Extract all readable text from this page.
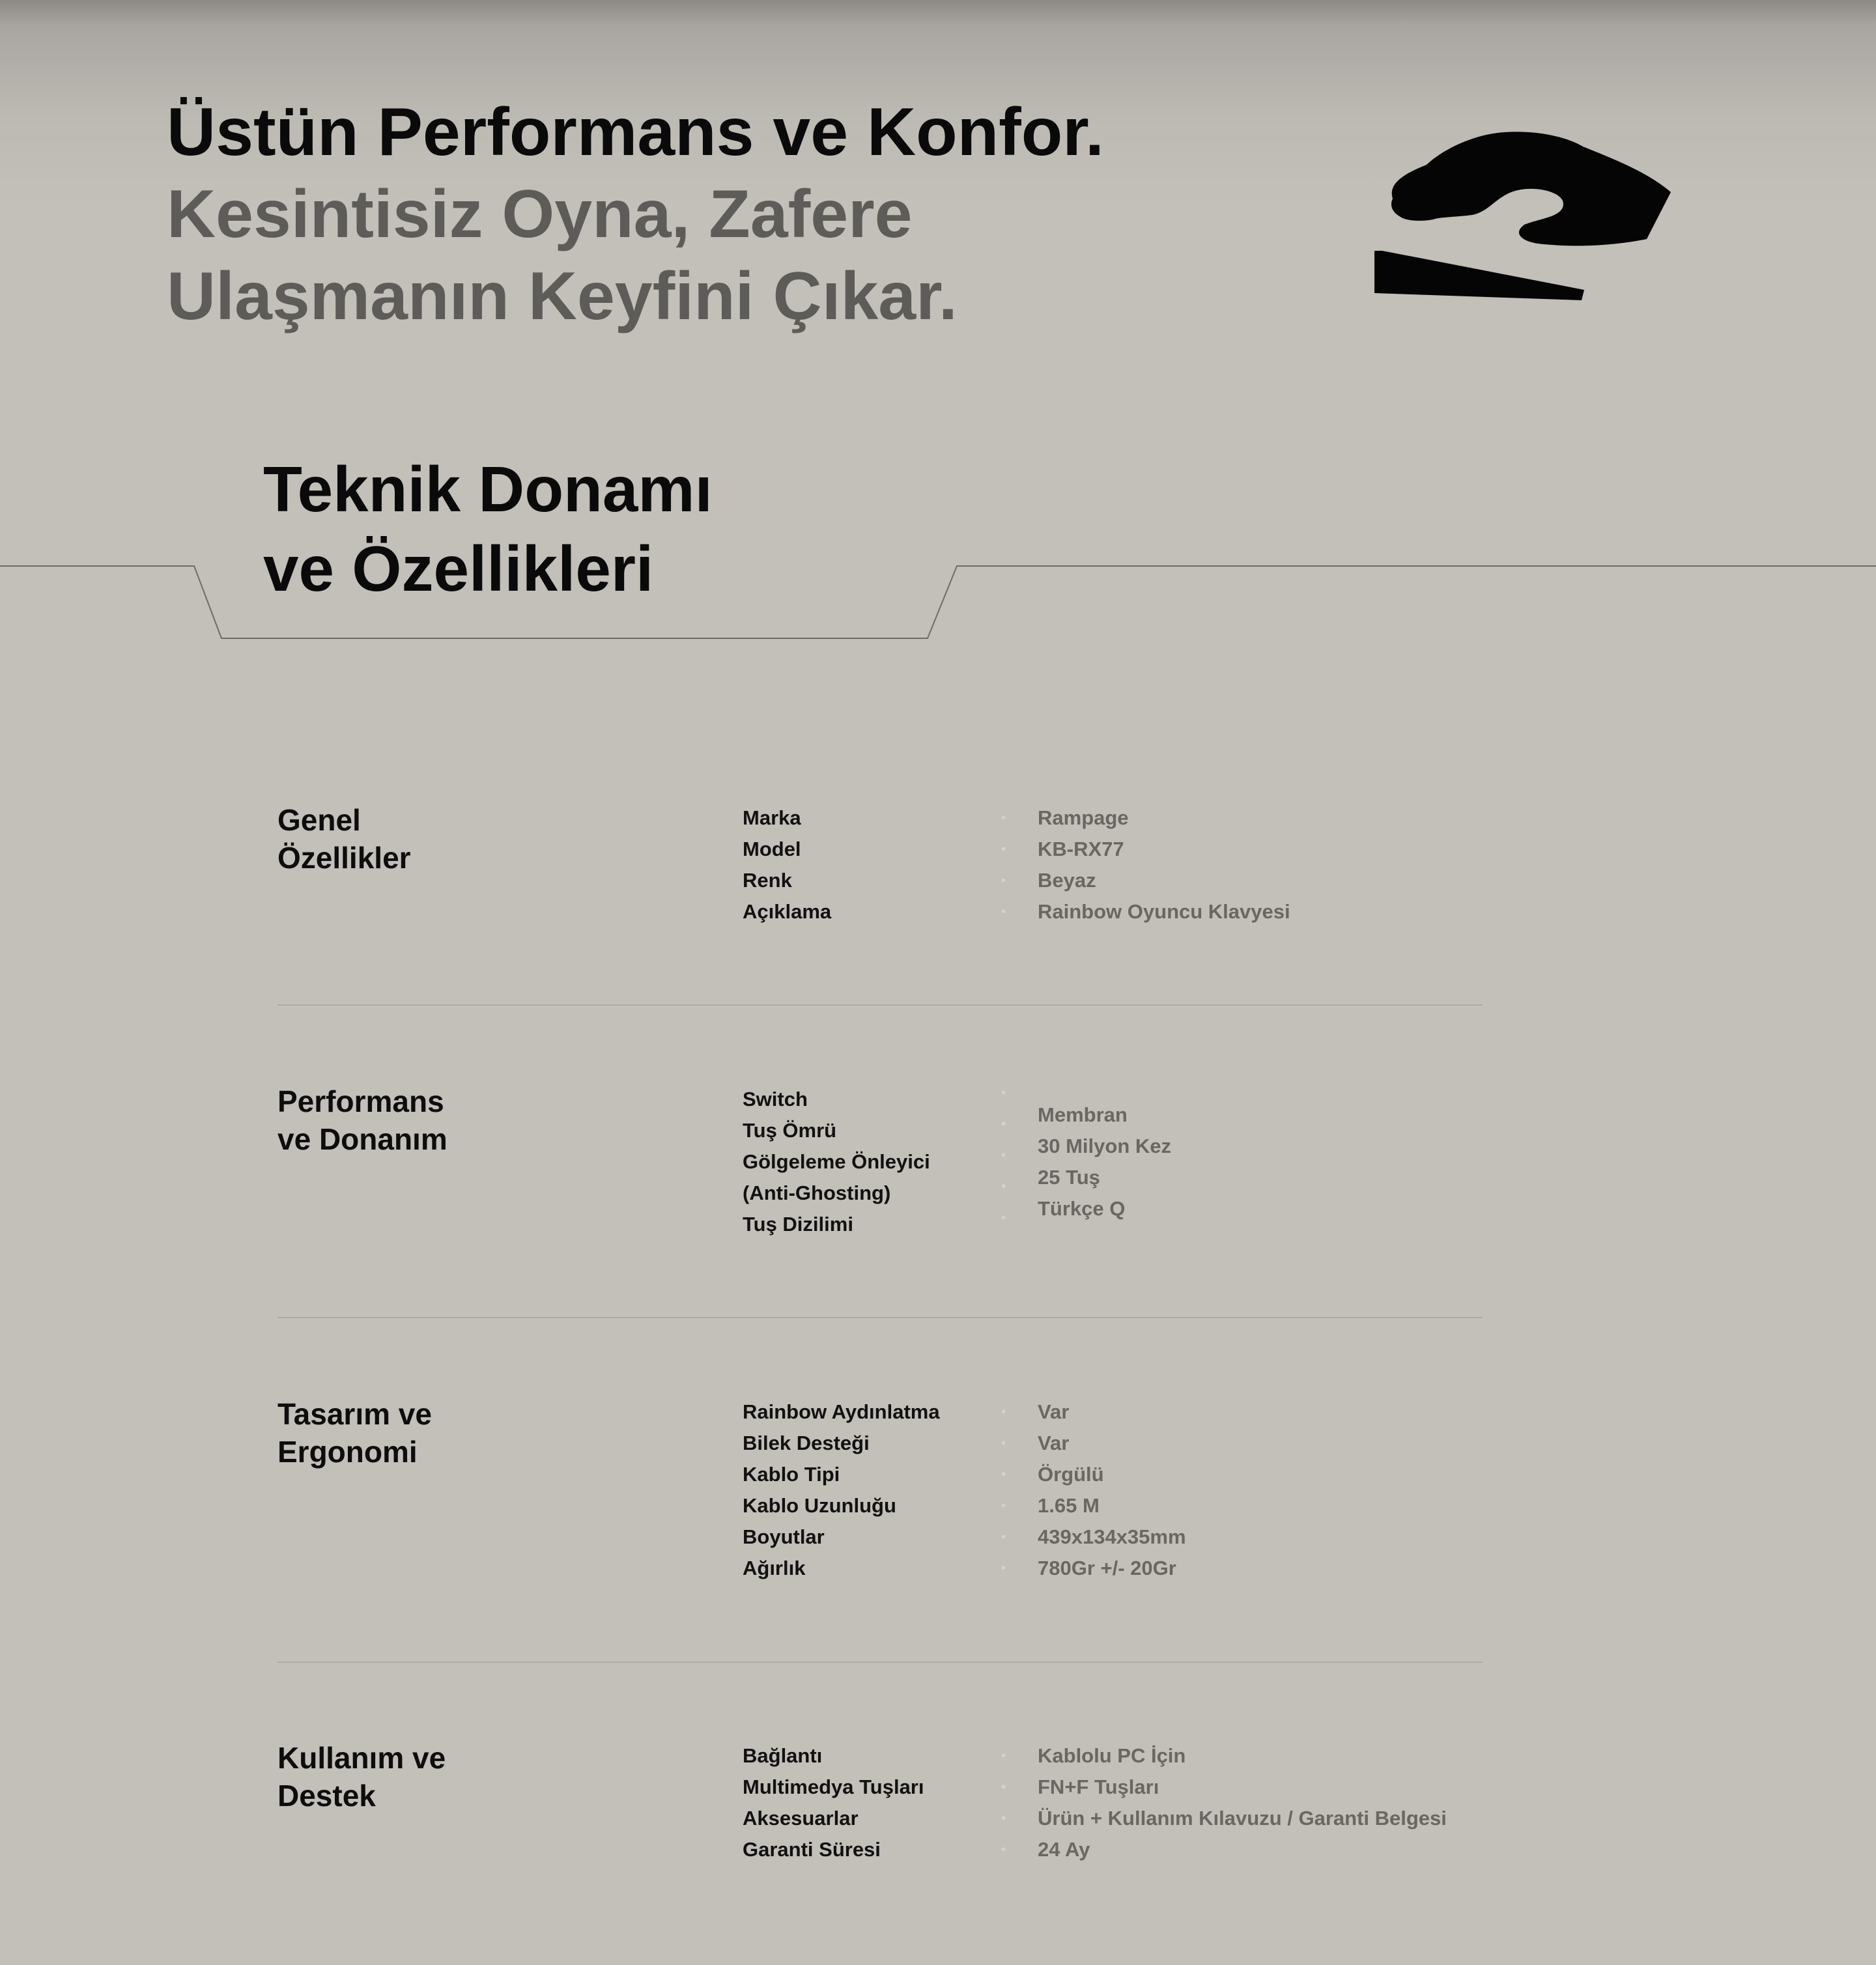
Üstün Performans ve Konfor.
Kesintisiz Oyna, Zafere
Ulaşmanın Keyfini Çıkar.
Teknik Donamı
ve Özellikleri
Genel
Özellikler
Marka
Model
Renk
Açıklama
•
•
•
•
Rampage
KB-RX77
Beyaz
Rainbow Oyuncu Klavyesi
Performans
ve Donanım
Switch
Tuş Ömrü
Gölgeleme Önleyici
(Anti-Ghosting)
Tuş Dizilimi
•
•
•
•
•
Membran
30 Milyon Kez
25 Tuş
Türkçe Q
Tasarım ve
Ergonomi
Rainbow Aydınlatma
Bilek Desteği
Kablo Tipi
Kablo Uzunluğu
Boyutlar
Ağırlık
•
•
•
•
•
•
Var
Var
Örgülü
1.65 M
439x134x35mm
780Gr +/- 20Gr
Kullanım ve
Destek
Bağlantı
Multimedya Tuşları
Aksesuarlar
Garanti Süresi
•
•
•
•
Kablolu PC İçin
FN+F Tuşları
Ürün + Kullanım Kılavuzu / Garanti Belgesi
24 Ay
